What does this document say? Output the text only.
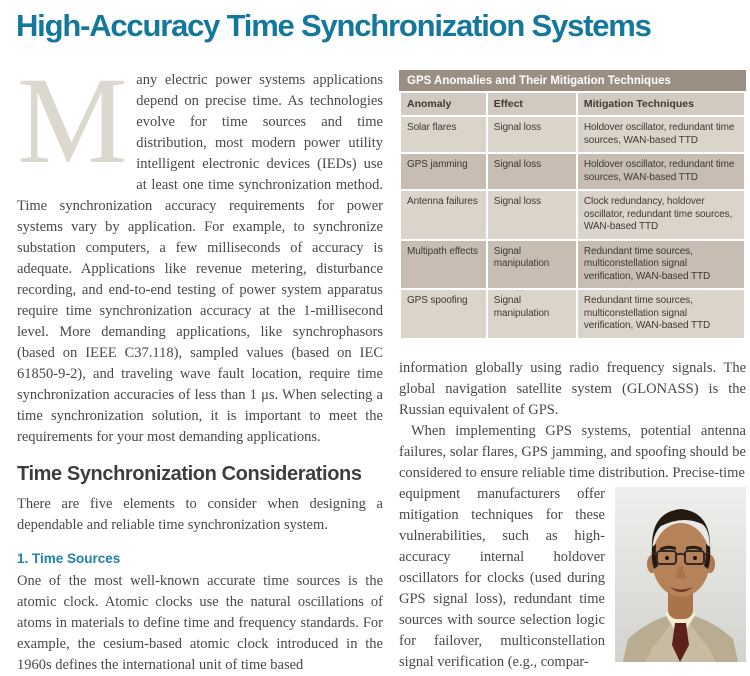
High-Accuracy Time Synchronization Systems

Many electric power systems applications depend on precise time. As technologies evolve for time sources and time distribution, most modern power utility intelligent electronic devices (IEDs) use at least one time synchronization method. Time synchronization accuracy requirements for power systems vary by application. For example, to synchronize substation computers, a few milliseconds of accuracy is adequate. Applications like revenue metering, disturbance recording, and end-to-end testing of power system apparatus require time synchronization accuracy at the 1-millisecond level. More demanding applications, like synchrophasors (based on IEEE C37.118), sampled values (based on IEC 61850-9-2), and traveling wave fault location, require time synchronization accuracies of less than 1 μs. When selecting a time synchronization solution, it is important to meet the requirements for your most demanding applications.

Time Synchronization Considerations

There are five elements to consider when designing a dependable and reliable time synchronization system.

1. Time Sources

One of the most well-known accurate time sources is the atomic clock. Atomic clocks use the natural oscillations of atoms in materials to define time and frequency standards. For example, the cesium-based atomic clock introduced in the 1960s defines the international unit of time based

GPS Anomalies and Their Mitigation Techniques
Anomaly	Effect	Mitigation Techniques
Solar flares	Signal loss	Holdover oscillator, redundant time sources, WAN-based TTD
GPS jamming	Signal loss	Holdover oscillator, redundant time sources, WAN-based TTD
Antenna failures	Signal loss	Clock redundancy, holdover oscillator, redundant time sources, WAN-based TTD
Multipath effects	Signal manipulation	Redundant time sources, multiconstellation signal verification, WAN-based TTD
GPS spoofing	Signal manipulation	Redundant time sources, multiconstellation signal verification, WAN-based TTD

information globally using radio frequency signals. The global navigation satellite system (GLONASS) is the Russian equivalent of GPS.

When implementing GPS systems, potential antenna failures, solar flares, GPS jamming, and spoofing should be considered to ensure reliable time distribution. Precise-time

equipment manufacturers offer mitigation techniques for these vulnerabilities, such as high-accuracy internal holdover oscillators for clocks (used during GPS signal loss), redundant time sources with source selection logic for failover, multiconstellation signal verification (e.g., compar-
